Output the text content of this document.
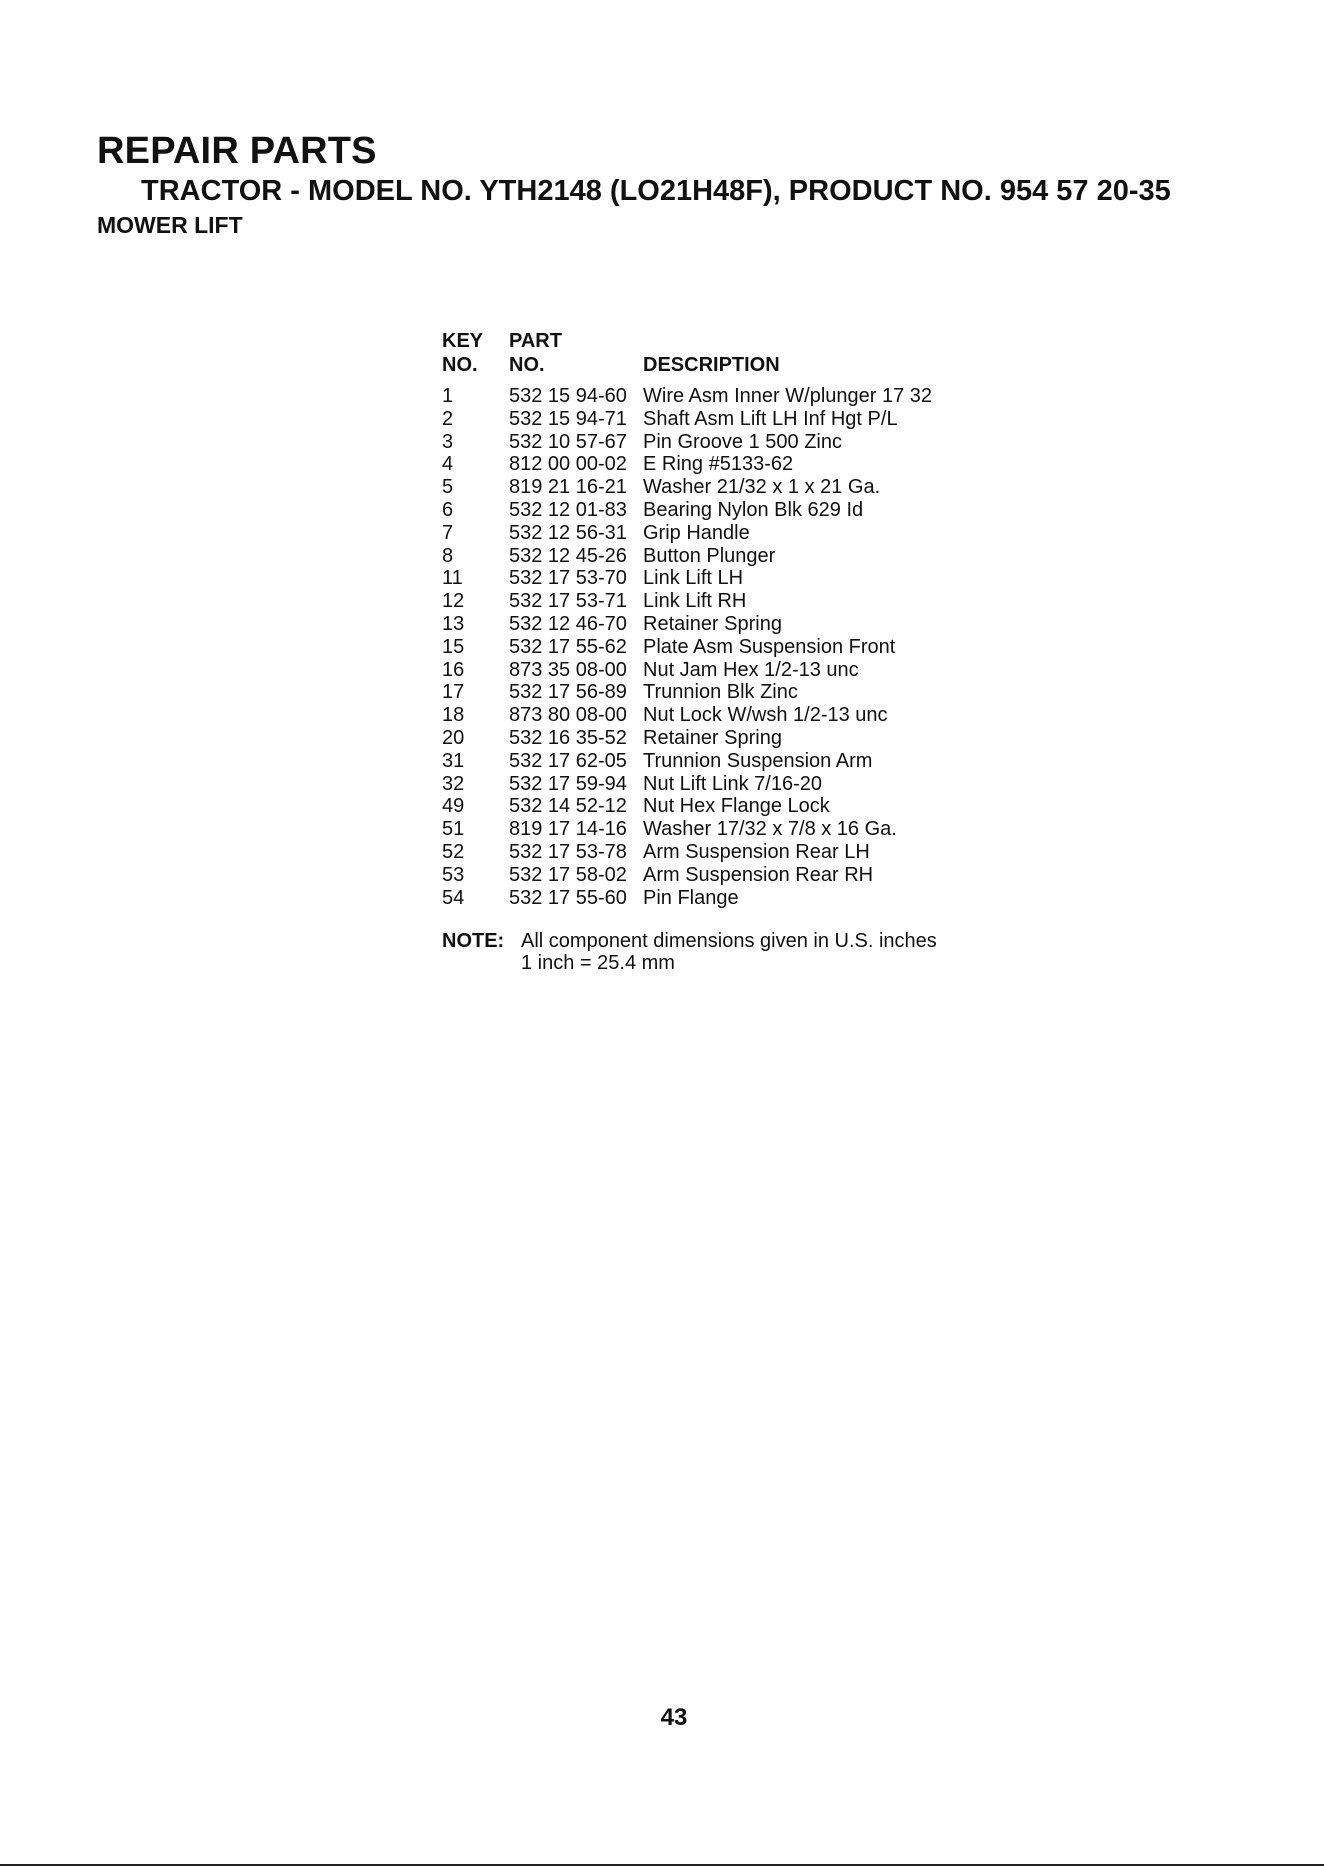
REPAIR PARTS
TRACTOR - MODEL NO. YTH2148 (LO21H48F), PRODUCT NO. 954 57 20-35
MOWER LIFT
KEY	PART
NO.	NO.	DESCRIPTION
1	532 15 94-60 Wire Asm Inner W/plunger 17 32
2	532 15 94-71 Shaft Asm Lift LH Inf Hgt P/L
3	532 10 57-67 Pin Groove 1 500 Zinc
4	812 00 00-02 E Ring #5133-62
5	819 21 16-21 Washer 21/32 x 1 x 21 Ga.
6	532 12 01-83 Bearing Nylon Blk 629 Id
7	532 12 56-31 Grip Handle
8	532 12 45-26 Button Plunger
11	532 17 53-70 Link Lift LH
12	532 17 53-71 Link Lift RH
13	532 12 46-70 Retainer Spring
15	532 17 55-62 Plate Asm Suspension Front
16	873 35 08-00 Nut Jam Hex 1/2-13 unc
17	532 17 56-89 Trunnion Blk Zinc
18	873 80 08-00 Nut Lock W/wsh 1/2-13 unc
20	532 16 35-52 Retainer Spring
31	532 17 62-05 Trunnion Suspension Arm
32	532 17 59-94 Nut Lift Link 7/16-20
49	532 14 52-12 Nut Hex Flange Lock
51	819 17 14-16 Washer 17/32 x 7/8 x 16 Ga.
52	532 17 53-78 Arm Suspension Rear LH
53	532 17 58-02 Arm Suspension Rear RH
54	532 17 55-60 Pin Flange
NOTE: All component dimensions given in U.S. inches
1 inch = 25.4 mm
43
